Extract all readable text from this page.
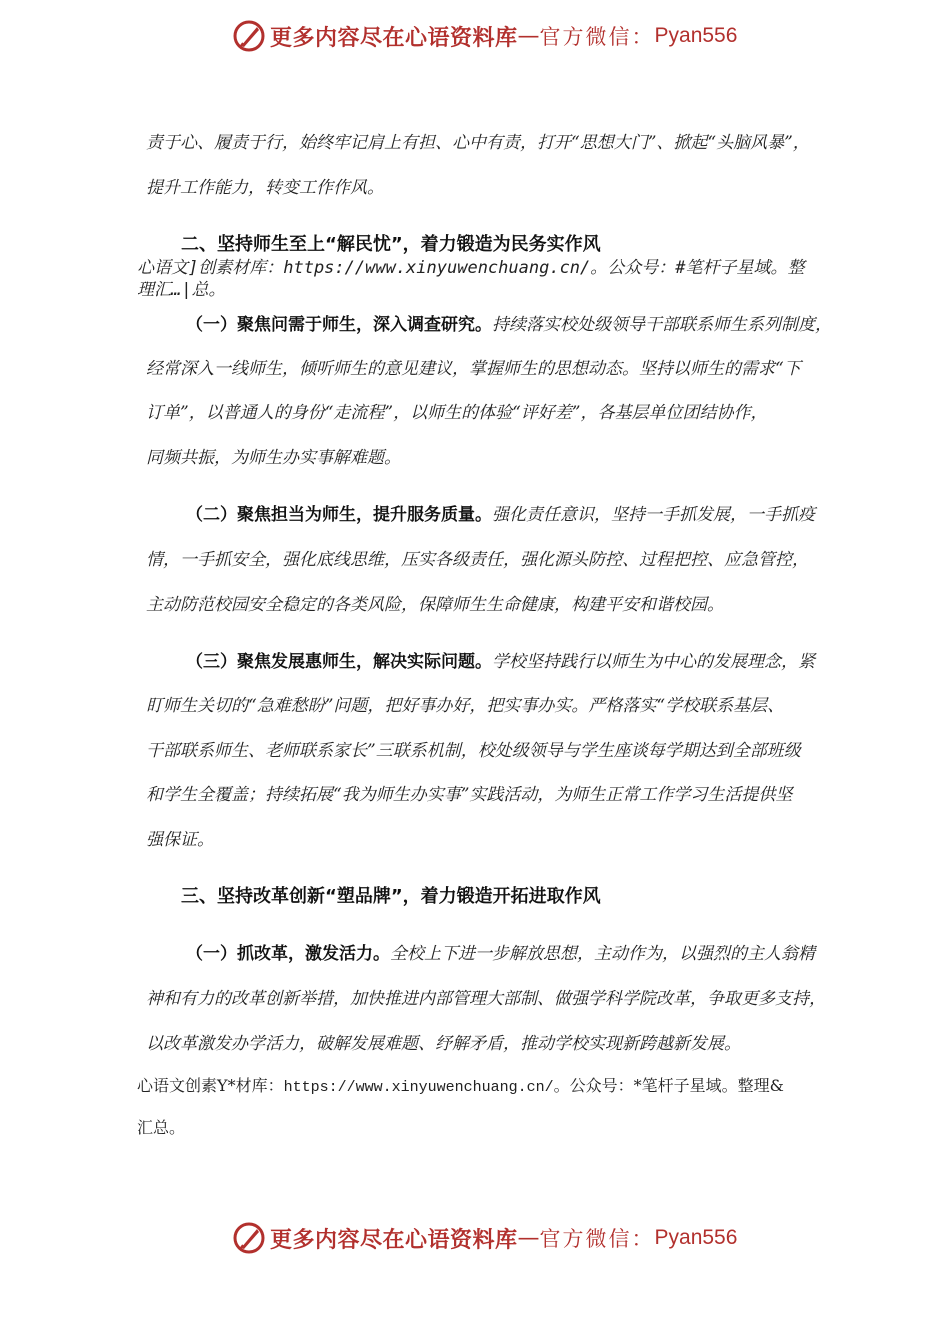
更多内容尽在心语资料库 — 官方微信： Pyan556
责于心、履责于行，始终牢记肩上有担、心中有责，打开“思想大门”、掀起“头脑风暴”，
提升工作能力，转变工作作风。
二、坚持师生至上“解民忧”，着力锻造为民务实作风
心语文]创素材库：https://www.xinyuwenchuang.cn/。公众号：#笔杆子星域。整
理汇…|总。
（一）聚焦问需于师生，深入调查研究。持续落实校处级领导干部联系师生系列制度，
经常深入一线师生，倾听师生的意见建议，掌握师生的思想动态。坚持以师生的需求“下
订单”，以普通人的身份“走流程”，以师生的体验“评好差”，各基层单位团结协作，
同频共振，为师生办实事解难题。
（二）聚焦担当为师生，提升服务质量。强化责任意识，坚持一手抓发展，一手抓疫
情，一手抓安全，强化底线思维，压实各级责任，强化源头防控、过程把控、应急管控，
主动防范校园安全稳定的各类风险，保障师生生命健康，构建平安和谐校园。
（三）聚焦发展惠师生，解决实际问题。学校坚持践行以师生为中心的发展理念，紧
盯师生关切的“急难愁盼”问题，把好事办好，把实事办实。严格落实“学校联系基层、
干部联系师生、老师联系家长”三联系机制，校处级领导与学生座谈每学期达到全部班级
和学生全覆盖；持续拓展“我为师生办实事”实践活动，为师生正常工作学习生活提供坚
强保证。
三、坚持改革创新“塑品牌”，着力锻造开拓进取作风
（一）抓改革，激发活力。全校上下进一步解放思想，主动作为，以强烈的主人翁精
神和有力的改革创新举措，加快推进内部管理大部制、做强学科学院改革，争取更多支持，
以改革激发办学活力，破解发展难题、纾解矛盾，推动学校实现新跨越新发展。
心语文创素Y*材库：https://www.xinyuwenchuang.cn/。公众号：*笔杆子星域。整理&
汇总。
更多内容尽在心语资料库 — 官方微信： Pyan556
